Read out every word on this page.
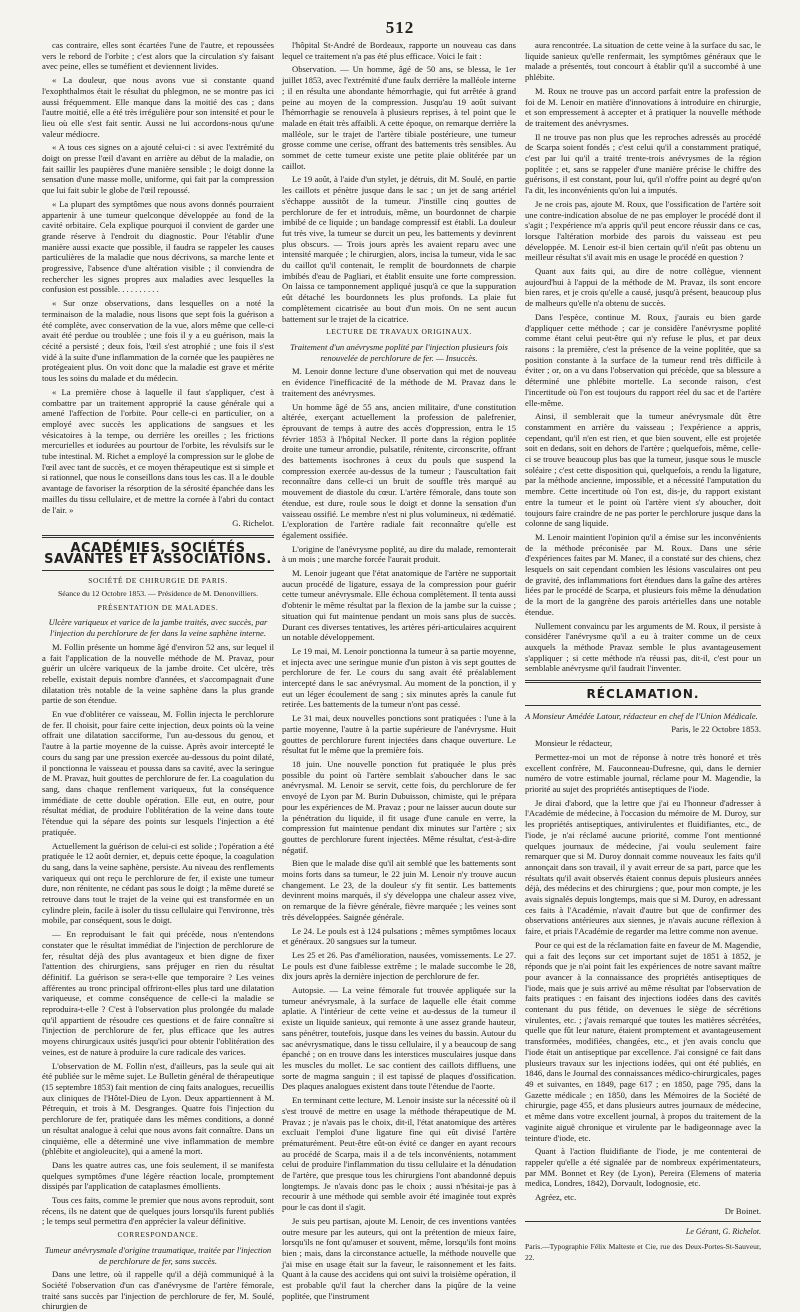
512

cas contraire, elles sont écartées l'une de l'autre, et repoussées vers le rebord de l'orbite ; c'est alors que la circulation s'y faisant avec peine, elles se tuméfient et deviennent livides.

« La douleur, que nous avons vue si constante quand l'exophthalmos était le résultat du phlegmon, ne se montre pas ici aussi fréquemment. Elle manque dans la moitié des cas ; dans l'autre moitié, elle a été très irrégulière pour son intensité et pour le lieu où elle s'est fait sentir. Aussi ne lui accordons-nous qu'une valeur médiocre.

« A tous ces signes on a ajouté celui-ci : si avec l'extrémité du doigt on presse l'œil d'avant en arrière au début de la maladie, on fait saillir les paupières d'une manière sensible ; le doigt donne la sensation d'une masse molle, uniforme, qui fait par la compression que lui fait subir le globe de l'œil repoussé.

« La plupart des symptômes que nous avons donnés pourraient appartenir à une tumeur quelconque développée au fond de la cavité orbitaire. Cela explique pourquoi il convient de garder une grande réserve à l'endroit du diagnostic. Pour l'établir d'une manière aussi exacte que possible, il faudra se rappeler les causes particulières de la maladie que nous décrivons, sa marche lente et progressive, l'absence d'une altération visible ; il conviendra de rechercher les signes propres aux maladies avec lesquelles la confusion est possible. . . . . . . . . .

« Sur onze observations, dans lesquelles on a noté la terminaison de la maladie, nous lisons que sept fois la guérison a été complète, avec conservation de la vue, alors même que celle-ci avait été perdue ou troublée ; une fois il y a eu guérison, mais la cécité a persisté ; deux fois, l'œil s'est atrophié ; une fois il s'est vidé à la suite d'une inflammation de la cornée que les paupières ne protégeaient plus. On voit donc que la maladie est grave et mérite tous les soins du malade et du médecin.

« La première chose à laquelle il faut s'appliquer, c'est à combattre par un traitement approprié la cause générale qui a amené l'affection de l'orbite. Pour celle-ci en particulier, on a employé avec succès les applications de sangsues et les vésicatoires à la tempe, ou derrière les oreilles ; les frictions mercurielles et iodurées au pourtour de l'orbite, les révulsifs sur le tube intestinal. M. Richet a employé la compression sur le globe de l'œil avec tant de succès, et ce moyen thérapeutique est si simple et si rationnel, que nous le conseillons dans tous les cas. Il a le double avantage de favoriser la résorption de la sérosité épanchée dans les mailles du tissu cellulaire, et de mettre la cornée à l'abri du contact de l'air. »

G. Richelot.
ACADÉMIES, SOCIÉTÉS SAVANTES ET ASSOCIATIONS.
SOCIÉTÉ DE CHIRURGIE DE PARIS.
Séance du 12 Octobre 1853. — Présidence de M. Denonvilliers.
PRÉSENTATION DE MALADES.
Ulcère variqueux et varice de la jambe traités, avec succès, par l'injection du perchlorure de fer dans la veine saphène interne.

M. Follin présente un homme âgé d'environ 52 ans, sur lequel il a fait l'application de la nouvelle méthode de M. Pravaz, pour guérir un ulcère variqueux de la jambe droite. Cet ulcère, très rebelle, existait depuis nombre d'années, et s'accompagnait d'une dilatation très notable de la veine saphène dans la plus grande partie de son étendue.

En vue d'oblitérer ce vaisseau, M. Follin injecta le perchlorure de fer. Il choisit, pour faire cette injection, deux points où la veine offrait une dilatation sacciforme, l'un au-dessous du genou, et l'autre à la partie moyenne de la cuisse. Après avoir intercepté le cours du sang par une pression exercée au-dessous du point dilaté, il ponctionna le vaisseau et poussa dans sa cavité, avec la seringue de M. Pravaz, huit gouttes de perchlorure de fer. La coagulation du sang, dans chaque renflement variqueux, fut la conséquence immédiate de cette double opération. Elle eut, en outre, pour résultat médiat, de produire l'oblitération de la veine dans toute l'étendue qui la sépare des points sur lesquels l'injection a été pratiquée.

Actuellement la guérison de celui-ci est solide ; l'opération a été pratiquée le 12 août dernier, et, depuis cette époque, la coagulation du sang, dans la veine saphène, persiste. Au niveau des renflements variqueux qui ont reçu le perchlorure de fer, il existe une tumeur dure, non rénitente, ne cédant pas sous le doigt ; la même dureté se retrouve dans tout le trajet de la veine qui est transformée en un cylindre plein, facile à isoler du tissu cellulaire qui l'environne, très mobile, par conséquent, sous le doigt.

— En reproduisant le fait qui précède, nous n'entendons constater que le résultat immédiat de l'injection de perchlorure de fer, résultat déjà des plus avantageux et bien digne de fixer l'attention des chirurgiens, sans préjuger en rien du résultat définitif. La guérison se sera-t-elle que temporaire ? Les veines afférentes au tronc principal offriront-elles plus tard une dilatation variqueuse, et comme conséquence de celle-ci la maladie se reproduira-t-elle ? C'est à l'observation plus prolongée du malade qu'il appartient de résoudre ces questions et de faire connaître si l'injection de perchlorure de fer, plus efficace que les autres moyens chirurgicaux usités jusqu'ici pour obtenir l'oblitération des veines, est de nature à produire la cure radicale des varices.

L'observation de M. Follin n'est, d'ailleurs, pas la seule qui ait été publiée sur le même sujet. Le Bulletin général de thérapeutique (15 septembre 1853) fait mention de cinq faits analogues, recueillis aux cliniques de l'Hôtel-Dieu de Lyon. Deux appartiennent à M. Pétrequin, et trois à M. Desgranges. Quatre fois l'injection du perchlorure de fer, pratiquée dans les mêmes conditions, a donné un résultat analogue à celui que nous avons fait connaître. Dans un cinquième, elle a déterminé une vive inflammation de membre (phlébite et angioleucite), qui a amené la mort.

Dans les quatre autres cas, une fois seulement, il se manifesta quelques symptômes d'une légère réaction locale, promptement dissipés par l'application de cataplasmes émollients.

Tous ces faits, comme le premier que nous avons reproduit, sont récens, ils ne datent que de quelques jours lorsqu'ils furent publiés ; le temps seul permettra d'en apprécier la valeur définitive.

CORRESPONDANCE.
Tumeur anévrysmale d'origine traumatique, traitée par l'injection de perchlorure de fer, sans succès.

Dans une lettre, où il rappelle qu'il a déjà communiqué à la Société l'observation d'un cas d'anévrysme de l'artère fémorale, traité sans succès par l'injection de perchlorure de fer, M. Soulé, chirurgien de

l'hôpital St-André de Bordeaux, rapporte un nouveau cas dans lequel ce traitement n'a pas été plus efficace. Voici le fait :

Observation. — Un homme, âgé de 50 ans, se blessa, le 1er juillet 1853, avec l'extrémité d'une faulx derrière la malléole interne ; il en résulta une abondante hémorrhagie, qui fut arrêtée à grand peine au moyen de la compression. Jusqu'au 19 août suivant l'hémorrhagie se renouvela à plusieurs reprises, à tel point que le malade en était très affaibli. A cette époque, on remarque derrière la malléole, sur le trajet de l'artère tibiale postérieure, une tumeur grosse comme une cerise, offrant des battements très sensibles. Au sommet de cette tumeur existe une petite plaie oblitérée par un caillot.

Le 19 août, à l'aide d'un stylet, je détruis, dit M. Soulé, en partie les caillots et pénètre jusque dans le sac ; un jet de sang artériel s'échappe aussitôt de la tumeur. J'instille cinq gouttes de perchlorure de fer et introduis, même, un bourdonnet de charpie imbibé de ce liquide ; un bandage compressif est établi. La douleur fut très vive, la tumeur se durcit un peu, les battements y devinrent plus obscurs. — Trois jours après les avaient reparu avec une intensité marquée ; le chirurgien, alors, incisa la tumeur, vida le sac du caillot qu'il contenait, le remplit de bourdonnets de charpie imbibés d'eau de Pagliari, et établit ensuite une forte compression. On laissa ce tamponnement appliqué jusqu'à ce que la suppuration eût détaché les bourdonnets les plus profonds. La plaie fut complètement cicatrisée au bout d'un mois. On ne sent aucun battement sur le trajet de la cicatrice.

LECTURE DE TRAVAUX ORIGINAUX.
Traitement d'un anévrysme poplité par l'injection plusieurs fois renouvelée de perchlorure de fer. — Insuccès.

M. Lenoir donne lecture d'une observation qui met de nouveau en évidence l'inefficacité de la méthode de M. Pravaz dans le traitement des anévrysmes.

Un homme âgé de 55 ans, ancien militaire, d'une constitution altérée, exerçant actuellement la profession de palefrenier, éprouvant de temps à autre des accès d'oppression, entra le 15 février 1853 à l'hôpital Necker. Il porte dans la région poplitée droite une tumeur arrondie, pulsatile, rénitente, circonscrite, offrant des battements isochrones à ceux du pouls que suspend la compression exercée au-dessus de la tumeur ; l'auscultation fait reconnaître dans celle-ci un bruit de souffle très marqué au mouvement de diastole du cœur. L'artère fémorale, dans toute son étendue, est dure, roule sous le doigt et donne la sensation d'un vaisseau ossifié. Le membre n'est ni plus volumineux, ni œdématié. L'exploration de l'artère radiale fait reconnaître qu'elle est également ossifiée.

L'origine de l'anévrysme poplité, au dire du malade, remonterait à un mois ; une marche forcée l'aurait produit.

M. Lenoir jugeant que l'état anatomique de l'artère ne supportait aucun procédé de ligature, essaya de la compression pour guérir cette tumeur anévrysmale. Elle échoua complètement. Il tenta aussi d'obtenir le même résultat par la flexion de la jambe sur la cuisse ; situation qui fut maintenue pendant un mois sans plus de succès. Durant ces diverses tentatives, les artères péri-articulaires acquirent un notable développement.

Le 19 mai, M. Lenoir ponctionna la tumeur à sa partie moyenne, et injecta avec une seringue munie d'un piston à vis sept gouttes de perchlorure de fer. Le cours du sang avait été préalablement intercepté dans le sac anévrysmal. Au moment de la ponction, il y eut un léger écoulement de sang ; six minutes après la canule fut retirée. Les battements de la tumeur n'ont pas cessé.

Le 31 mai, deux nouvelles ponctions sont pratiquées : l'une à la partie moyenne, l'autre à la partie supérieure de l'anévrysme. Huit gouttes de perchlorure furent injectées dans chaque ouverture. Le résultat fut le même que la première fois.

18 juin. Une nouvelle ponction fut pratiquée le plus près possible du point où l'artère semblait s'aboucher dans le sac anévrysmal. M. Lenoir se servit, cette fois, du perchlorure de fer envoyé de Lyon par M. Burin Dubuisson, chimiste, qui le prépara pour les expériences de M. Pravaz ; pour ne laisser aucun doute sur la pénétration du liquide, il fit usage d'une canule en verre, la compression fut maintenue pendant dix minutes sur l'artère ; six gouttes de perchlorure furent injectées. Même résultat, c'est-à-dire négatif.

Bien que le malade dise qu'il ait semblé que les battements sont moins forts dans sa tumeur, le 22 juin M. Lenoir n'y trouve aucun changement. Le 23, de la douleur s'y fit sentir. Les battements devinrent moins marqués, il s'y développa une chaleur assez vive, on remarque de la fièvre générale, fièvre marquée ; les veines sont très développées. Saignée générale.

Le 24. Le pouls est à 124 pulsations ; mêmes symptômes locaux et généraux. 20 sangsues sur la tumeur.

Les 25 et 26. Pas d'amélioration, nausées, vomissements. Le 27. Le pouls est d'une faiblesse extrême ; le malade succombe le 28, dix jours après la dernière injection de perchlorure de fer.

Autopsie. — La veine fémorale fut trouvée appliquée sur la tumeur anévrysmale, à la surface de laquelle elle était comme aplatie. A l'intérieur de cette veine et au-dessus de la tumeur il existe un liquide sanieux, qui remonte à une assez grande hauteur, sans pénétrer, toutefois, jusque dans les veines du bassin. Autour du sac anévrysmatique, dans le tissu cellulaire, il y a beaucoup de sang épanché ; on en trouve dans les interstices musculaires jusque dans les muscles du mollet. Le sac contient des caillots diffluens, une sorte de magma sanguin ; il est tapissé de plaques d'ossification. Des plaques analogues existent dans toute l'étendue de l'aorte.

En terminant cette lecture, M. Lenoir insiste sur la nécessité où il s'est trouvé de mettre en usage la méthode thérapeutique de M. Pravaz ; je n'avais pas le choix, dit-il, l'état anatomique des artères excluait l'emploi d'une ligature fine qui eût divisé l'artère prématurément. Peut-être eût-on évité ce danger en ayant recours au procédé de Scarpa, mais il a de tels inconvénients, notamment celui de produire l'inflammation du tissu cellulaire et la dénudation de l'artère, que presque tous les chirurgiens l'ont abandonné depuis longtemps. Je n'avais donc pas le choix ; aussi n'hésitai-je pas à recourir à une méthode qui semble avoir été imaginée tout exprès pour le cas dont il s'agit.

Je suis peu partisan, ajoute M. Lenoir, de ces inventions vantées outre mesure par les auteurs, qui ont la prétention de mieux faire, lorsqu'ils ne font qu'amuser et souvent, même, lorsqu'ils font moins bien ; mais, dans la circonstance actuelle, la méthode nouvelle que j'ai mise en usage était sur la faveur, le raisonnement et les faits. Quant à la cause des accidens qui ont suivi la troisième opération, il est probable qu'il faut la chercher dans la piqûre de la veine poplitée, que l'instrument

aura rencontrée. La situation de cette veine à la surface du sac, le liquide sanieux qu'elle renfermait, les symptômes généraux que le malade a présentés, tout concourt à établir qu'il a succombé à une phlébite.

M. Roux ne trouve pas un accord parfait entre la profession de foi de M. Lenoir en matière d'innovations à introduire en chirurgie, et son empressement à accepter et à pratiquer la nouvelle méthode de traitement des anévrysmes.

Il ne trouve pas non plus que les reproches adressés au procédé de Scarpa soient fondés ; c'est celui qu'il a constamment pratiqué, c'est par lui qu'il a traité trente-trois anévrysmes de la région poplitée ; et, sans se rappeler d'une manière précise le chiffre des guérisons, il est constant, pour lui, qu'il n'offre point au degré qu'on l'a dit, les inconvénients qu'on lui a imputés.

Je ne crois pas, ajoute M. Roux, que l'ossification de l'artère soit une contre-indication absolue de ne pas employer le procédé dont il s'agit ; l'expérience m'a appris qu'il peut encore réussir dans ce cas, lorsque l'altération morbide des parois du vaisseau est peu développée. M. Lenoir est-il bien certain qu'il n'eût pas obtenu un meilleur résultat s'il avait mis en usage le procédé en question ?

Quant aux faits qui, au dire de notre collègue, viennent aujourd'hui à l'appui de la méthode de M. Pravaz, ils sont encore bien rares, et je crois qu'elle a causé, jusqu'à présent, beaucoup plus de malheurs qu'elle n'a obtenu de succès.

Dans l'espèce, continue M. Roux, j'aurais eu bien garde d'appliquer cette méthode ; car je considère l'anévrysme poplité comme étant celui peut-être qui n'y refuse le plus, et par deux raisons : la première, c'est la présence de la veine poplitée, que sa position constante à la surface de la tumeur rend très difficile à éviter ; or, on a vu dans l'observation qui précède, que sa blessure a déterminé une phlébite mortelle. La seconde raison, c'est l'incertitude où l'on est toujours du rapport réel du sac et de l'artère elle-même.

Ainsi, il semblerait que la tumeur anévrysmale dût être constamment en arrière du vaisseau ; l'expérience a appris, cependant, qu'il n'en est rien, et que bien souvent, elle est projetée soit en dedans, soit en dehors de l'artère ; quelquefois, même, celle-ci se trouve beaucoup plus bas que la tumeur, jusque sous le muscle soléaire ; c'est cette disposition qui, quelquefois, a rendu la ligature, par la méthode ancienne, impossible, et a nécessité l'amputation du membre. Cette incertitude où l'on est, dis-je, du rapport existant entre la tumeur et le point où l'artère vient s'y aboucher, doit toujours faire craindre de ne pas porter le perchlorure jusque dans la colonne de sang liquide.

M. Lenoir maintient l'opinion qu'il a émise sur les inconvénients de la méthode préconisée par M. Roux. Dans une série d'expériences faites par M. Manec, il a constaté sur des chiens, chez lesquels on sait cependant combien les lésions vasculaires ont peu de gravité, des inflammations fort étendues dans la gaîne des artères liées par le procédé de Scarpa, et plusieurs fois même la dénudation de la mort de la gangrène des parois artérielles dans une notable étendue.

Nullement convaincu par les arguments de M. Roux, il persiste à considérer l'anévrysme qu'il a eu à traiter comme un de ceux auxquels la méthode Pravaz semble le plus avantageusement s'appliquer ; si cette méthode n'a réussi pas, dit-il, c'est pour un semblable anévrysme qu'il faudrait l'inventer.

RÉCLAMATION.

A Monsieur Amédée Latour, rédacteur en chef de l'Union Médicale.

Paris, le 22 Octobre 1853.

Monsieur le rédacteur,

Permettez-moi un mot de réponse à notre très honoré et très excellent confrère, M. Fauconneau-Dufresne, qui, dans le dernier numéro de votre estimable journal, réclame pour M. Magendie, la priorité au sujet des propriétés antiseptiques de l'iode.

Je dirai d'abord, que la lettre que j'ai eu l'honneur d'adresser à l'Académie de médecine, à l'occasion du mémoire de M. Duroy, sur les propriétés antiseptiques, antivirulentes et fluidifiantes, etc., de l'iode, je n'ai réclamé aucune priorité, comme l'ont mentionné quelques journaux de médecine, j'ai voulu seulement faire remarquer que si M. Duroy donnait comme nouveaux les faits qu'il annonçait dans son travail, il y avait erreur de sa part, parce que les résultats qu'il avait observés étaient connus depuis plusieurs années déjà, des médecins et des chirurgiens ; que, pour mon compte, je les avais signalés depuis longtemps, mais que si M. Duroy, en adressant ces faits à l'Académie, n'avait d'autre but que de confirmer des observations antérieures aux siennes, je n'avais aucune réflexion à faire, et priais l'Académie de regarder ma lettre comme non avenue.

Pour ce qui est de la réclamation faite en faveur de M. Magendie, qui a fait des leçons sur cet important sujet de 1851 à 1852, je réponds que je n'ai point fait les expériences de notre savant maître pour avancer à la connaissance des propriétés antiseptiques de l'iode, mais que je suis arrivé au même résultat par l'observation de faits pratiques : en faisant des injections iodées dans des cavités contenant du pus fétide, on devenues le siège de sécrétions virulentes, etc. ; j'avais remarqué que toutes les matières sécrétées, quelle que fût leur nature, étaient promptement et avantageusement transformées, modifiées, changées, etc., et j'en avais conclu que l'iode était un antiseptique par excellence. J'ai consigné ce fait dans plusieurs travaux sur les injections iodées, qui ont été publiés, en 1846, dans le Journal des connaissances médico-chirurgicales, pages 49 et suivantes, en 1849, page 617 ; en 1850, page 795, dans la Gazette médicale ; en 1850, dans les Mémoires de la Société de chirurgie, page 455, et dans plusieurs autres journaux de médecine, et même dans votre excellent journal, à propos du traitement de la vaginite aiguë chronique et virulente par le badigeonnage avec la teinture d'iode, etc.

Quant à l'action fluidifiante de l'iode, je me contenterai de rappeler qu'elle a été signalée par de nombreux expérimentateurs, par MM. Bonnet et Rey (de Lyon), Pereira (Elemens of materia medica, Londres, 1842), Dorvault, Iodognosie, etc.

Agréez, etc.

Dr Boinet.
Le Gérant, G. Richelot.
Paris.—Typographie Félix Malteste et Cie, rue des Deux-Portes-St-Sauveur, 22.
